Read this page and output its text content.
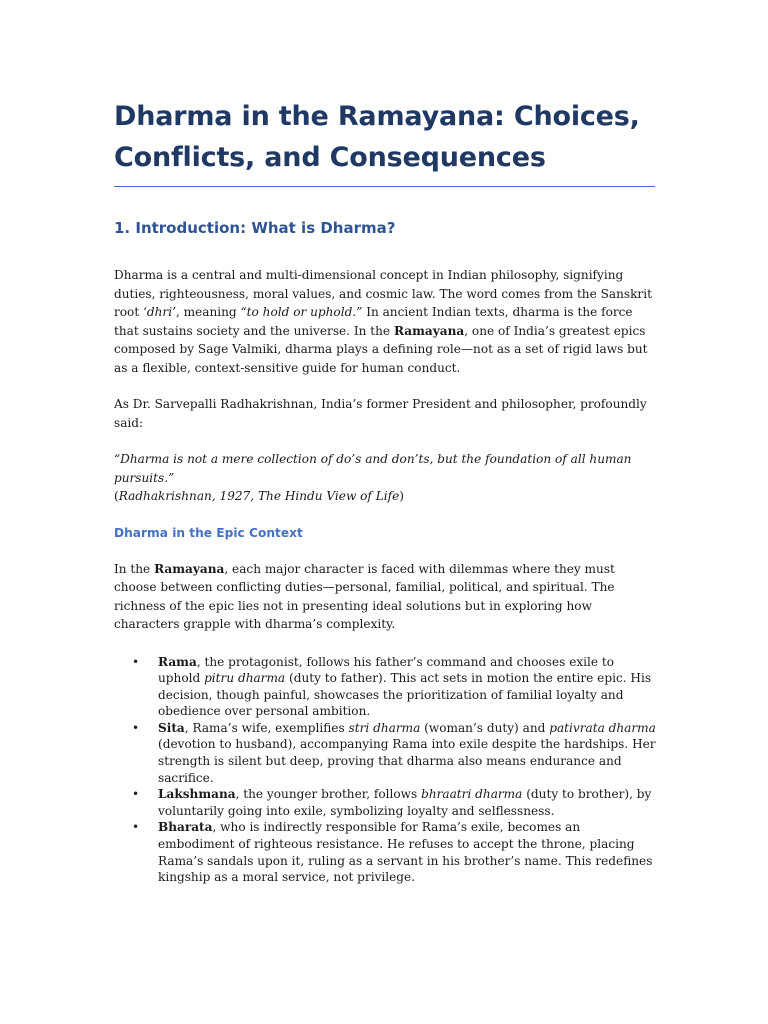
Dharma in the Ramayana: Choices,
Conflicts, and Consequences
1. Introduction: What is Dharma?

Dharma is a central and multi-dimensional concept in Indian philosophy, signifying duties, righteousness, moral values, and cosmic law. The word comes from the Sanskrit root ‘dhri’, meaning “to hold or uphold.” In ancient Indian texts, dharma is the force that sustains society and the universe. In the Ramayana, one of India’s greatest epics composed by Sage Valmiki, dharma plays a defining role—not as a set of rigid laws but as a flexible, context-sensitive guide for human conduct.

As Dr. Sarvepalli Radhakrishnan, India’s former President and philosopher, profoundly said:

“Dharma is not a mere collection of do’s and don’ts, but the foundation of all human pursuits.”
(Radhakrishnan, 1927, The Hindu View of Life)

Dharma in the Epic Context

In the Ramayana, each major character is faced with dilemmas where they must choose between conflicting duties—personal, familial, political, and spiritual. The richness of the epic lies not in presenting ideal solutions but in exploring how characters grapple with dharma’s complexity.

• Rama, the protagonist, follows his father’s command and chooses exile to uphold pitru dharma (duty to father). This act sets in motion the entire epic. His decision, though painful, showcases the prioritization of familial loyalty and obedience over personal ambition.
• Sita, Rama’s wife, exemplifies stri dharma (woman’s duty) and pativrata dharma (devotion to husband), accompanying Rama into exile despite the hardships. Her strength is silent but deep, proving that dharma also means endurance and sacrifice.
• Lakshmana, the younger brother, follows bhraatri dharma (duty to brother), by voluntarily going into exile, symbolizing loyalty and selflessness.
• Bharata, who is indirectly responsible for Rama’s exile, becomes an embodiment of righteous resistance. He refuses to accept the throne, placing Rama’s sandals upon it, ruling as a servant in his brother’s name. This redefines kingship as a moral service, not privilege.
